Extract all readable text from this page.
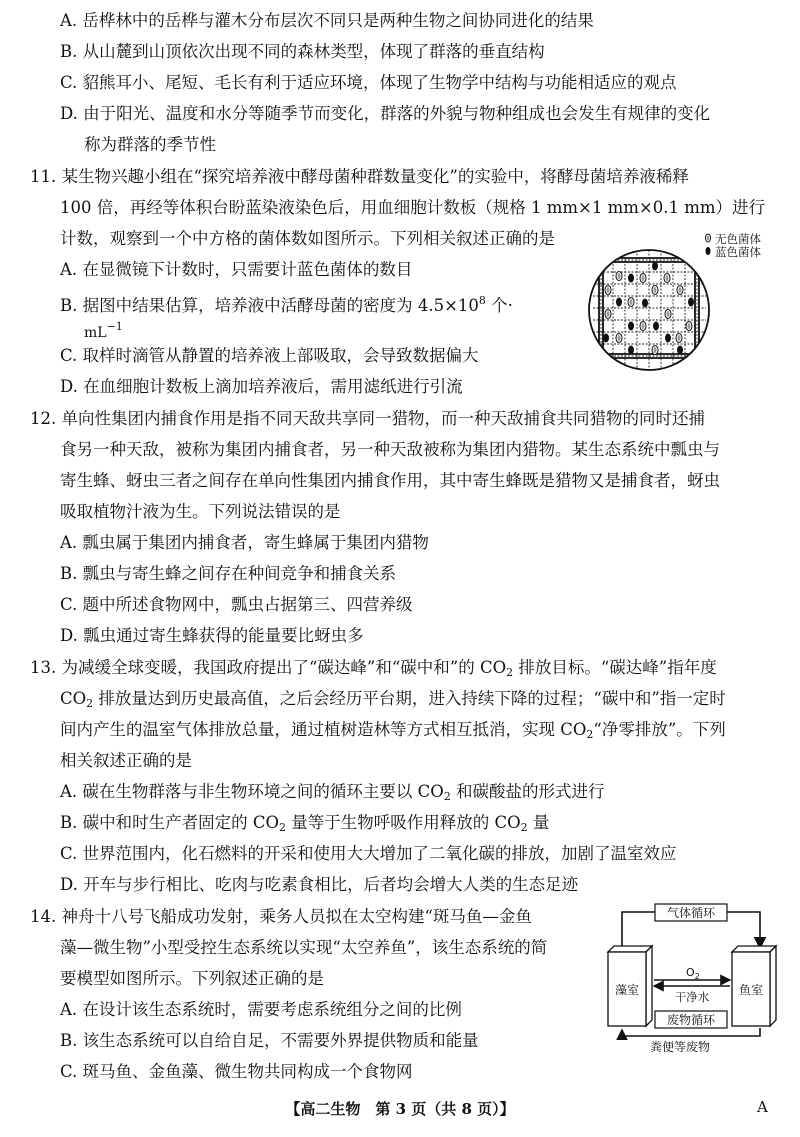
A. 岳桦林中的岳桦与灌木分布层次不同只是两种生物之间协同进化的结果
B. 从山麓到山顶依次出现不同的森林类型，体现了群落的垂直结构
C. 貂熊耳小、尾短、毛长有利于适应环境，体现了生物学中结构与功能相适应的观点
D. 由于阳光、温度和水分等随季节而变化，群落的外貌与物种组成也会发生有规律的变化
称为群落的季节性
11. 某生物兴趣小组在“探究培养液中酵母菌种群数量变化”的实验中，将酵母菌培养液稀释
100 倍，再经等体积台盼蓝染液染色后，用血细胞计数板（规格 1 mm×1 mm×0.1 mm）进行
计数，观察到一个中方格的菌体数如图所示。下列相关叙述正确的是
A. 在显微镜下计数时，只需要计蓝色菌体的数目
B. 据图中结果估算，培养液中活酵母菌的密度为 $4.5\times 10^8$ 个·
$mL^{-1}$
C. 取样时滴管从静置的培养液上部吸取，会导致数据偏大
D. 在血细胞计数板上滴加培养液后，需用滤纸进行引流
无色菌体
蓝色菌体
12. 单向性集团内捕食作用是指不同天敌共享同一猎物，而一种天敌捕食共同猎物的同时还捕
食另一种天敌，被称为集团内捕食者，另一种天敌被称为集团内猎物。某生态系统中瓢虫与
寄生蜂、蚜虫三者之间存在单向性集团内捕食作用，其中寄生蜂既是猎物又是捕食者，蚜虫
吸取植物汁液为生。下列说法错误的是
A. 瓢虫属于集团内捕食者，寄生蜂属于集团内猎物
B. 瓢虫与寄生蜂之间存在种间竞争和捕食关系
C. 题中所述食物网中，瓢虫占据第三、四营养级
D. 瓢虫通过寄生蜂获得的能量要比蚜虫多
13. 为减缓全球变暖，我国政府提出了“碳达峰”和“碳中和”的 $CO_2$ 排放目标。“碳达峰”指年度
$CO_2$ 排放量达到历史最高值，之后会经历平台期，进入持续下降的过程；“碳中和”指一定时
间内产生的温室气体排放总量，通过植树造林等方式相互抵消，实现 $CO_2“$净零排放”。下列
相关叙述正确的是
A. 碳在生物群落与非生物环境之间的循环主要以 $CO_2$ 和碳酸盐的形式进行
B. 碳中和时生产者固定的 $CO_2$ 量等于生物呼吸作用释放的 $CO_2$ 量
C. 世界范围内，化石燃料的开采和使用大大增加了二氧化碳的排放，加剧了温室效应
D. 开车与步行相比、吃肉与吃素食相比，后者均会增大人类的生态足迹
14. 神舟十八号飞船成功发射，乘务人员拟在太空构建“斑马鱼—金鱼
藻—微生物”小型受控生态系统以实现“太空养鱼”，该生态系统的简
要模型如图所示。下列叙述正确的是
A. 在设计该生态系统时，需要考虑系统组分之间的比例
B. 该生态系统可以自给自足，不需要外界提供物质和能量
C. 斑马鱼、金鱼藻、微生物共同构成一个食物网
气体循环
藻室	鱼室
$O_2$
干净水
废物循环
粪便等废物
【高二生物　第 3 页（共 8 页）】	A
